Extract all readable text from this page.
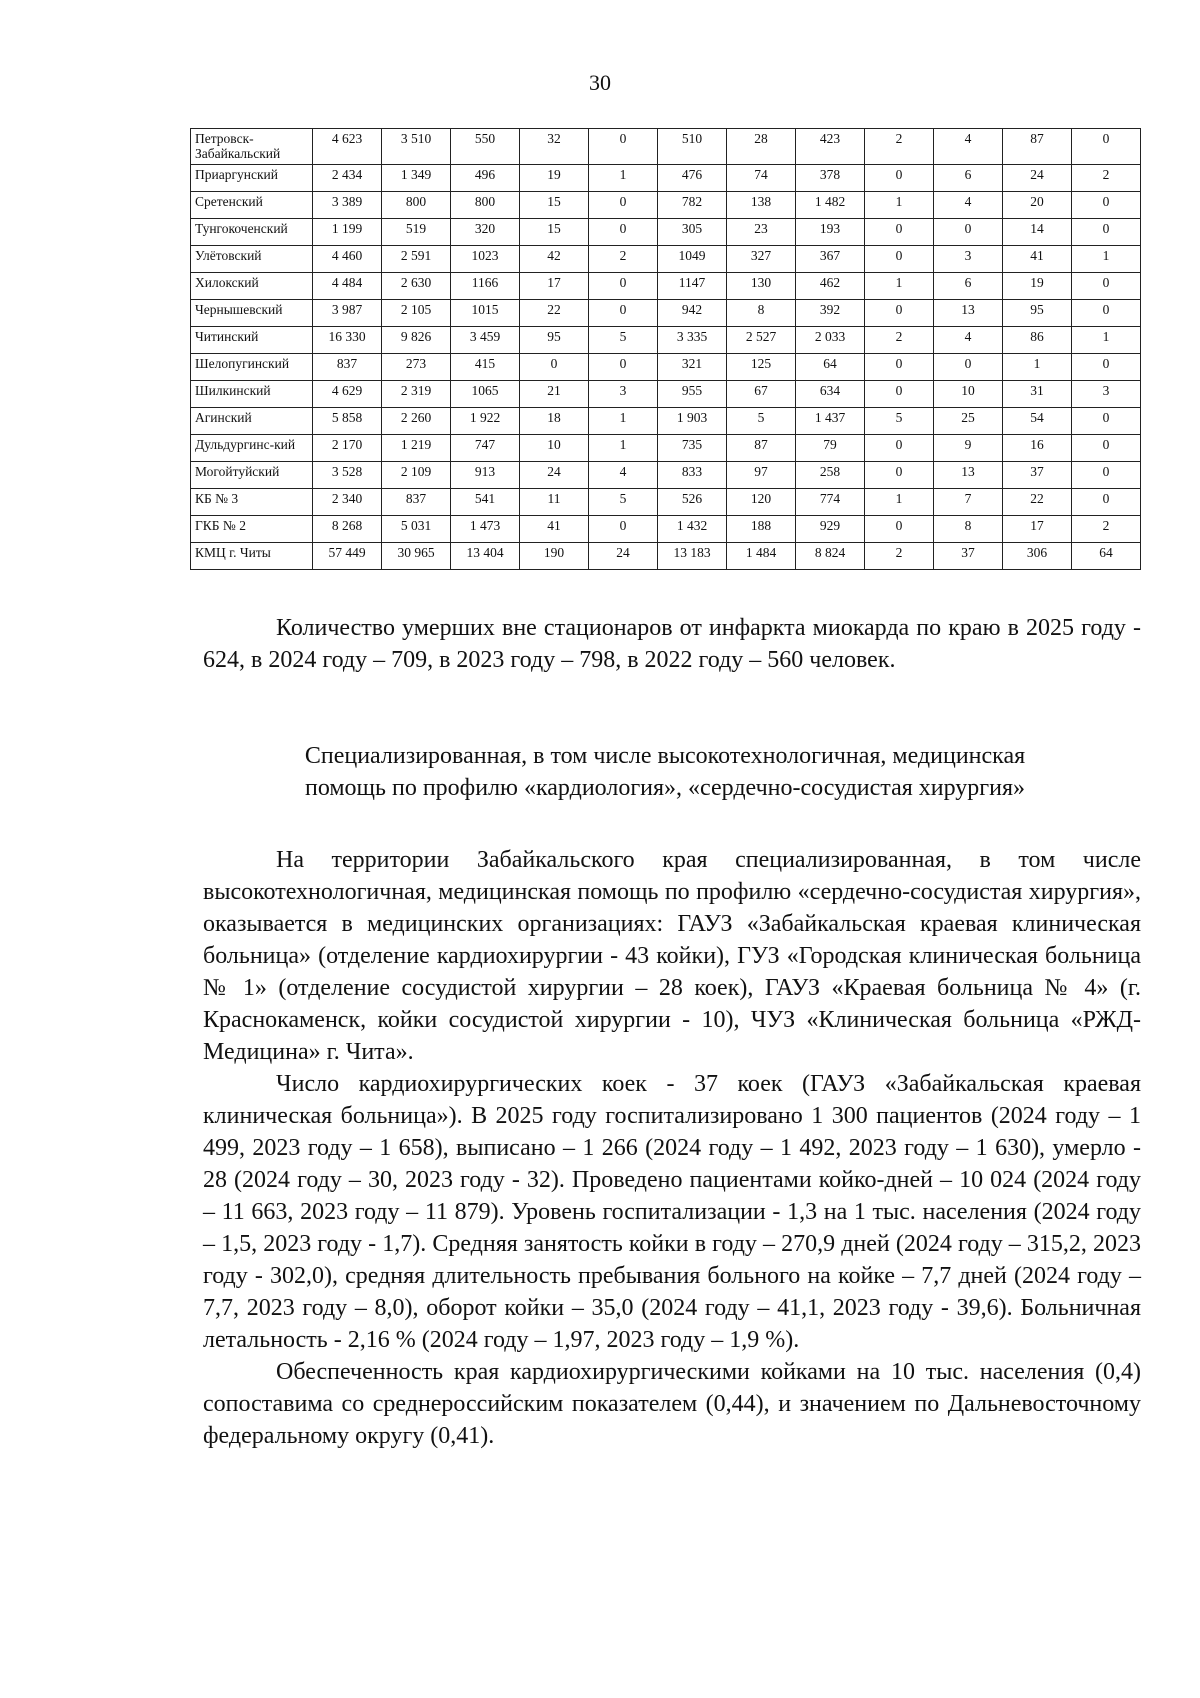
30
Петровск-Забайкальский	4 623	3 510	550	32	0	510	28	423	2	4	87	0
Приаргунский	2 434	1 349	496	19	1	476	74	378	0	6	24	2
Сретенский	3 389	800	800	15	0	782	138	1 482	1	4	20	0
Тунгокоченский	1 199	519	320	15	0	305	23	193	0	0	14	0
Улётовский	4 460	2 591	1023	42	2	1049	327	367	0	3	41	1
Хилокский	4 484	2 630	1166	17	0	1147	130	462	1	6	19	0
Чернышевский	3 987	2 105	1015	22	0	942	8	392	0	13	95	0
Читинский	16 330	9 826	3 459	95	5	3 335	2 527	2 033	2	4	86	1
Шелопугинский	837	273	415	0	0	321	125	64	0	0	1	0
Шилкинский	4 629	2 319	1065	21	3	955	67	634	0	10	31	3
Агинский	5 858	2 260	1 922	18	1	1 903	5	1 437	5	25	54	0
Дульдургинс-кий	2 170	1 219	747	10	1	735	87	79	0	9	16	0
Могойтуйский	3 528	2 109	913	24	4	833	97	258	0	13	37	0
КБ № 3	2 340	837	541	11	5	526	120	774	1	7	22	0
ГКБ № 2	8 268	5 031	1 473	41	0	1 432	188	929	0	8	17	2
КМЦ г. Читы	57 449	30 965	13 404	190	24	13 183	1 484	8 824	2	37	306	64

Количество умерших вне стационаров от инфаркта миокарда по краю в 2025 году - 624, в 2024 году – 709, в 2023 году – 798, в 2022 году – 560 человек.

Специализированная, в том числе высокотехнологичная, медицинская
помощь по профилю «кардиология», «сердечно-сосудистая хирургия»

На территории Забайкальского края специализированная, в том числе высокотехнологичная, медицинская помощь по профилю «сердечно-сосудистая хирургия», оказывается в медицинских организациях: ГАУЗ «Забайкальская краевая клиническая больница» (отделение кардиохирургии - 43 койки), ГУЗ «Городская клиническая больница № 1» (отделение сосудистой хирургии – 28 коек), ГАУЗ «Краевая больница № 4» (г. Краснокаменск, койки сосудистой хирургии - 10), ЧУЗ «Клиническая больница «РЖД-Медицина» г. Чита».

Число кардиохирургических коек - 37 коек (ГАУЗ «Забайкальская краевая клиническая больница»). В 2025 году госпитализировано 1 300 пациентов (2024 году – 1 499, 2023 году – 1 658), выписано – 1 266 (2024 году – 1 492, 2023 году – 1 630), умерло - 28 (2024 году – 30, 2023 году - 32). Проведено пациентами койко-дней – 10 024 (2024 году – 11 663, 2023 году – 11 879). Уровень госпитализации - 1,3 на 1 тыс. населения (2024 году – 1,5, 2023 году - 1,7). Средняя занятость койки в году – 270,9 дней (2024 году – 315,2, 2023 году - 302,0), средняя длительность пребывания больного на койке – 7,7 дней (2024 году – 7,7, 2023 году – 8,0), оборот койки – 35,0 (2024 году – 41,1, 2023 году - 39,6). Больничная летальность - 2,16 % (2024 году – 1,97, 2023 году – 1,9 %).

Обеспеченность края кардиохирургическими койками на 10 тыс. населения (0,4) сопоставима со среднероссийским показателем (0,44), и значением по Дальневосточному федеральному округу (0,41).
